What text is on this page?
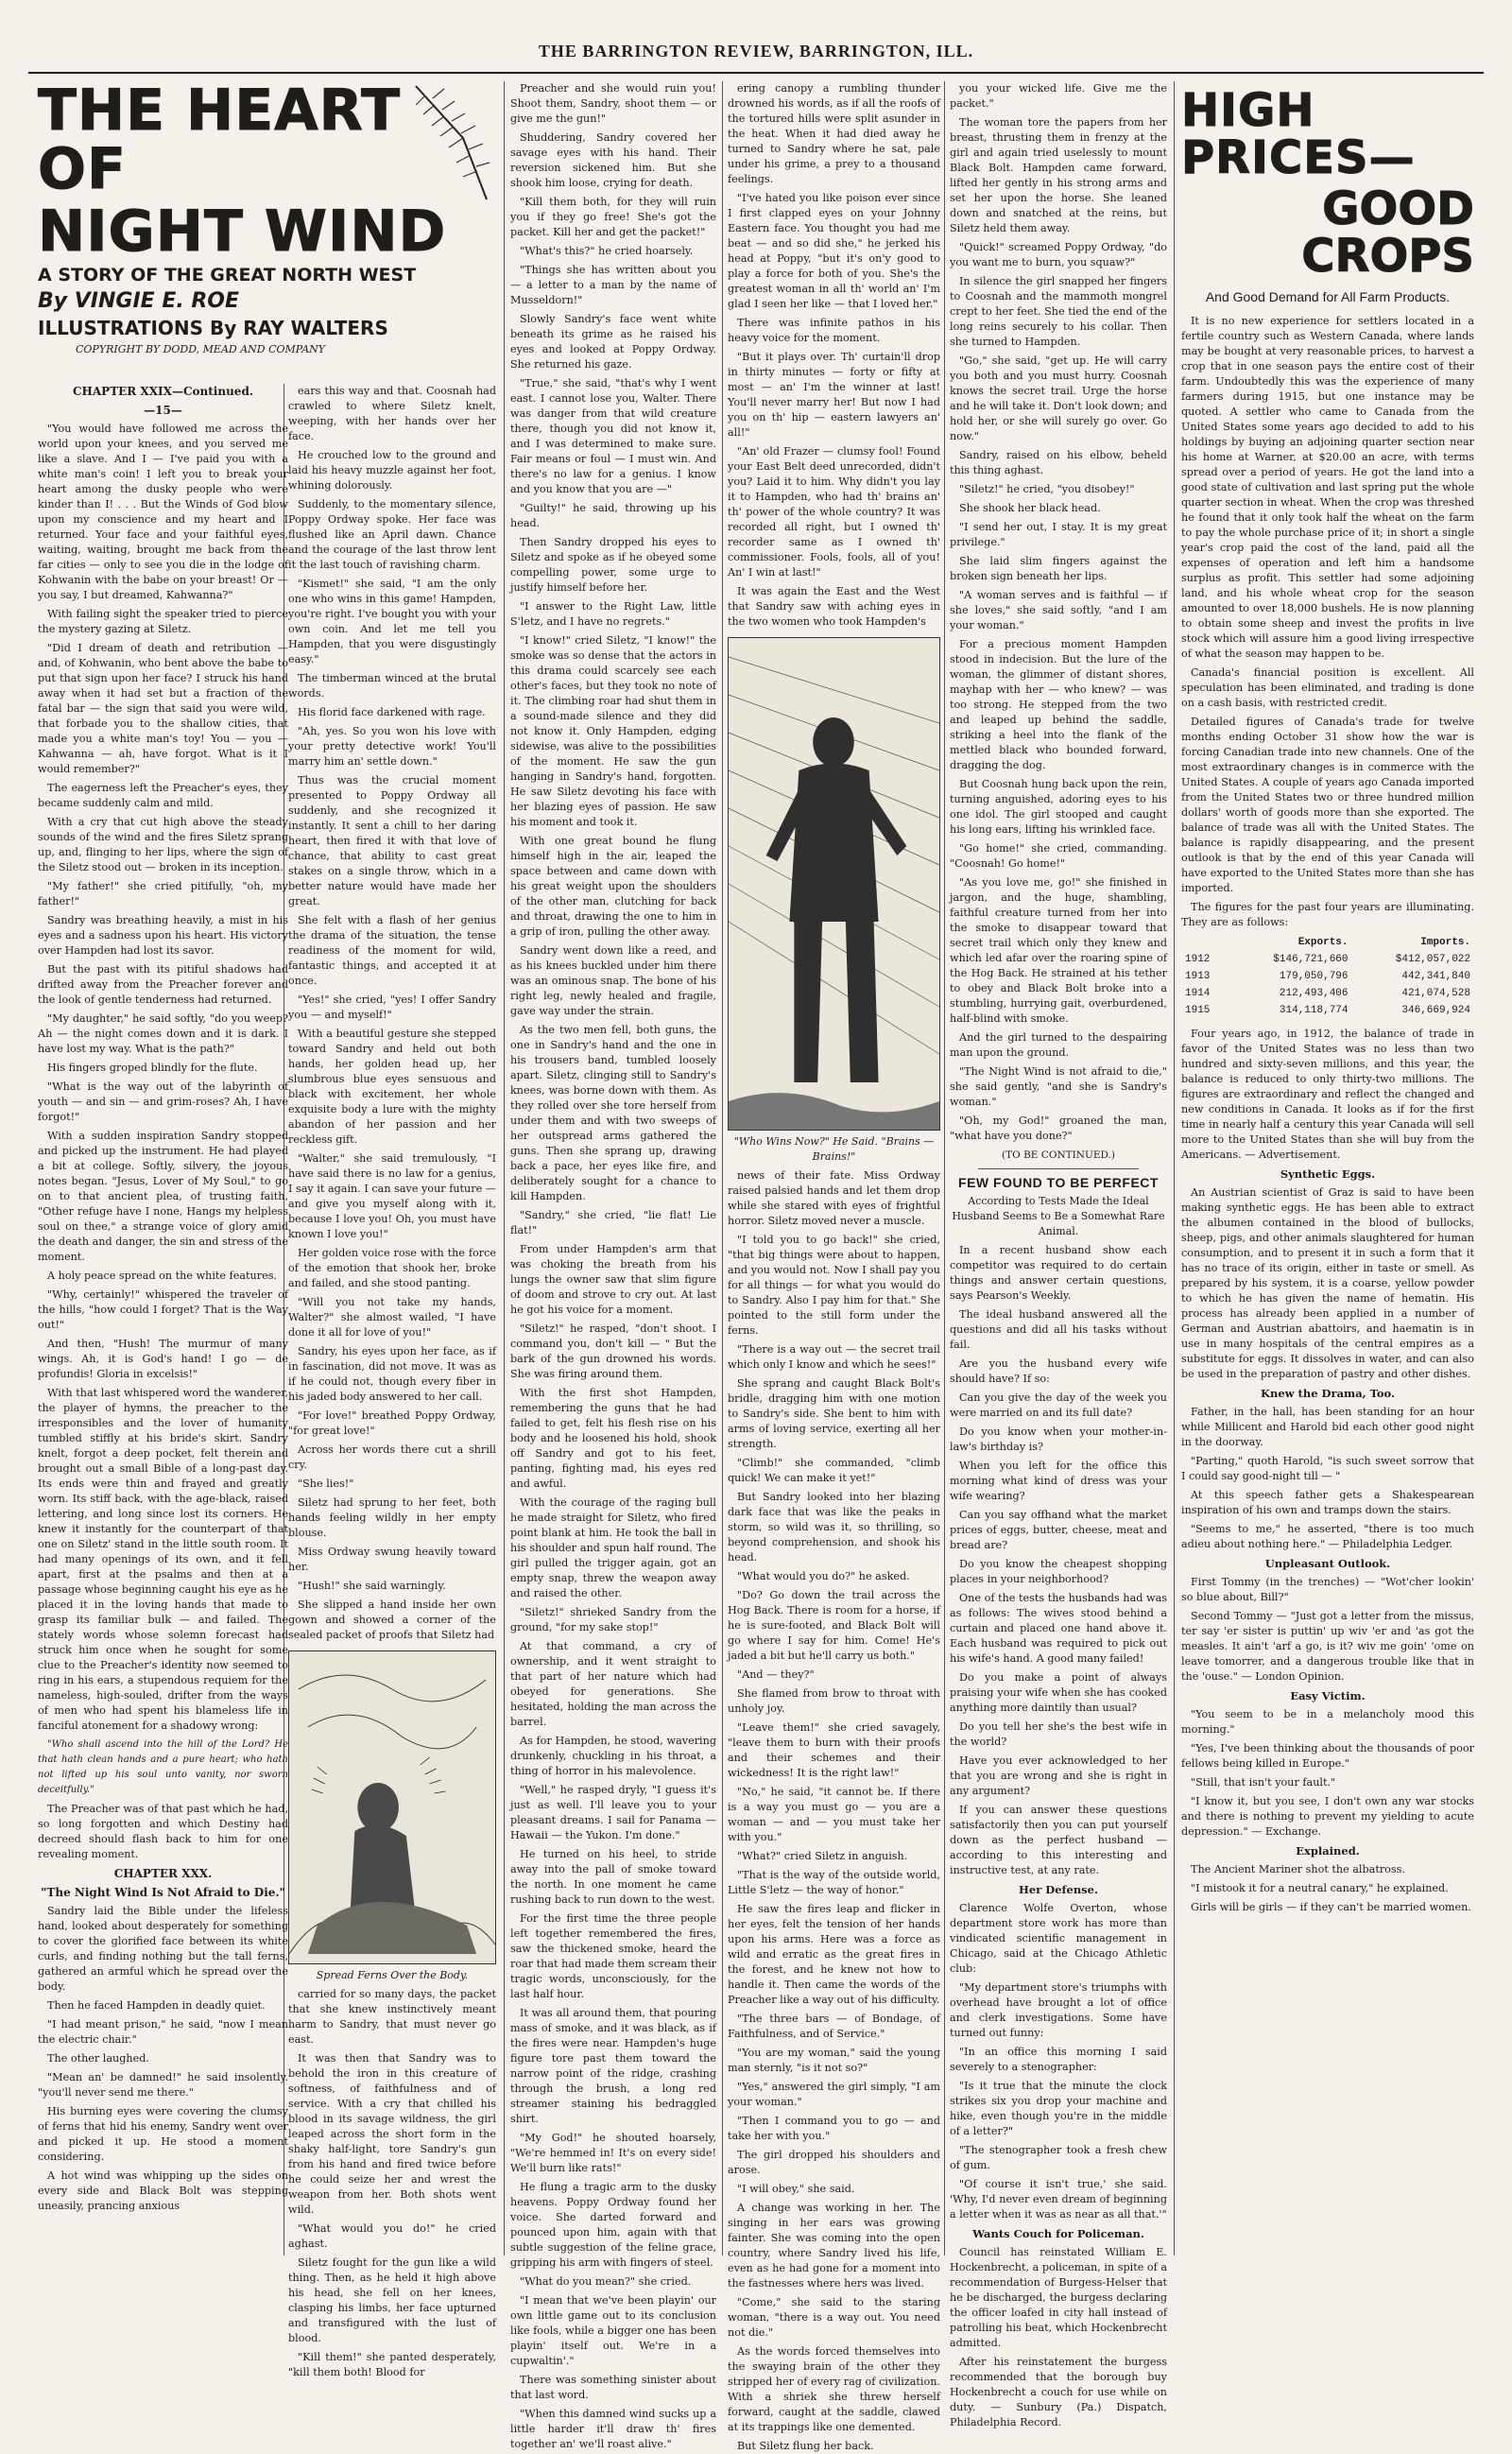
THE BARRINGTON REVIEW, BARRINGTON, ILL.
THE HEART OF
NIGHT WIND
A STORY OF THE GREAT NORTH WEST
By VINGIE E. ROE
ILLUSTRATIONS By RAY WALTERS
COPYRIGHT BY DODD, MEAD AND COMPANY

CHAPTER XXIX—Continued.

—15—

"You would have followed me across the world upon your knees, and you served me like a slave. And I — I've paid you with a white man's coin! I left you to break your heart among the dusky people who were kinder than I! . . . But the Winds of God blow upon my conscience and my heart and I returned. Your face and your faithful eyes, waiting, waiting, brought me back from the far cities — only to see you die in the lodge of Kohwanin with the babe on your breast! Or — you say, I but dreamed, Kahwanna?"

With failing sight the speaker tried to pierce the mystery gazing at Siletz.

"Did I dream of death and retribution — and, of Kohwanin, who bent above the babe to put that sign upon her face? I struck his hand away when it had set but a fraction of the fatal bar — the sign that said you were wild, that forbade you to the shallow cities, that made you a white man's toy! You — you — Kahwanna — ah, have forgot. What is it I would remember?"

The eagerness left the Preacher's eyes, they became suddenly calm and mild.

With a cry that cut high above the steady sounds of the wind and the fires Siletz sprang up, and, flinging to her lips, where the sign of the Siletz stood out — broken in its inception.

"My father!" she cried pitifully, "oh, my father!"

Sandry was breathing heavily, a mist in his eyes and a sadness upon his heart. His victory over Hampden had lost its savor.

But the past with its pitiful shadows had drifted away from the Preacher forever and the look of gentle tenderness had returned.

"My daughter," he said softly, "do you weep? Ah — the night comes down and it is dark. I have lost my way. What is the path?"

His fingers groped blindly for the flute.

"What is the way out of the labyrinth of youth — and sin — and grim-roses? Ah, I have forgot!"

With a sudden inspiration Sandry stopped and picked up the instrument. He had played a bit at college. Softly, silvery, the joyous notes began. "Jesus, Lover of My Soul," to go on to that ancient plea, of trusting faith, "Other refuge have I none, Hangs my helpless soul on thee," a strange voice of glory amid the death and danger, the sin and stress of the moment.

A holy peace spread on the white features.

"Why, certainly!" whispered the traveler of the hills, "how could I forget? That is the Way out!"

And then, "Hush! The murmur of many wings. Ah, it is God's hand! I go — de profundis! Gloria in excelsis!"

With that last whispered word the wanderer, the player of hymns, the preacher to the irresponsibles and the lover of humanity tumbled stiffly at his bride's skirt. Sandry knelt, forgot a deep pocket, felt therein and brought out a small Bible of a long-past day. Its ends were thin and frayed and greatly worn. Its stiff back, with the age-black, raised lettering, and long since lost its corners. He knew it instantly for the counterpart of that one on Siletz' stand in the little south room. It had many openings of its own, and it fell apart, first at the psalms and then at a passage whose beginning caught his eye as he placed it in the loving hands that made to grasp its familiar bulk — and failed. The stately words whose solemn forecast had struck him once when he sought for some clue to the Preacher's identity now seemed to ring in his ears, a stupendous requiem for the nameless, high-souled, drifter from the ways of men who had spent his blameless life in fanciful atonement for a shadowy wrong:

"Who shall ascend into the hill of the Lord? He that hath clean hands and a pure heart; who hath not lifted up his soul unto vanity, nor sworn deceitfully."

The Preacher was of that past which he had, so long forgotten and which Destiny had decreed should flash back to him for one revealing moment.

CHAPTER XXX.

"The Night Wind Is Not Afraid to Die."

Sandry laid the Bible under the lifeless hand, looked about desperately for something to cover the glorified face between its white curls, and finding nothing but the tall ferns, gathered an armful which he spread over the body.

Then he faced Hampden in deadly quiet.

"I had meant prison," he said, "now I mean the electric chair."

The other laughed.

"Mean an' be damned!" he said insolently. "you'll never send me there."

His burning eyes were covering the clumsy of ferns that hid his enemy, Sandry went over and picked it up. He stood a moment considering.

A hot wind was whipping up the sides on every side and Black Bolt was stepping uneasily, prancing anxious

ears this way and that. Coosnah had crawled to where Siletz knelt, weeping, with her hands over her face.

He crouched low to the ground and laid his heavy muzzle against her foot, whining dolorously.

Suddenly, to the momentary silence, Poppy Ordway spoke. Her face was flushed like an April dawn. Chance and the courage of the last throw lent it the last touch of ravishing charm.

"Kismet!" she said, "I am the only one who wins in this game! Hampden, you're right. I've bought you with your own coin. And let me tell you Hampden, that you were disgustingly easy."

The timberman winced at the brutal words.

His florid face darkened with rage.

"Ah, yes. So you won his love with your pretty detective work! You'll marry him an' settle down."

Thus was the crucial moment presented to Poppy Ordway all suddenly, and she recognized it instantly. It sent a chill to her daring heart, then fired it with that love of chance, that ability to cast great stakes on a single throw, which in a better nature would have made her great.

She felt with a flash of her genius the drama of the situation, the tense readiness of the moment for wild, fantastic things, and accepted it at once.

"Yes!" she cried, "yes! I offer Sandry you — and myself!"

With a beautiful gesture she stepped toward Sandry and held out both hands, her golden head up, her slumbrous blue eyes sensuous and black with excitement, her whole exquisite body a lure with the mighty abandon of her passion and her reckless gift.

"Walter," she said tremulously, "I have said there is no law for a genius, I say it again. I can save your future — and give you myself along with it, because I love you! Oh, you must have known I love you!"

Her golden voice rose with the force of the emotion that shook her, broke and failed, and she stood panting.

"Will you not take my hands, Walter?" she almost wailed, "I have done it all for love of you!"

Sandry, his eyes upon her face, as if in fascination, did not move. It was as if he could not, though every fiber in his jaded body answered to her call.

"For love!" breathed Poppy Ordway, "for great love!"

Across her words there cut a shrill cry.

"She lies!"

Siletz had sprung to her feet, both hands feeling wildly in her empty blouse.

Miss Ordway swung heavily toward her.

"Hush!" she said warningly.

She slipped a hand inside her own gown and showed a corner of the sealed packet of proofs that Siletz had

Spread Ferns Over the Body.

carried for so many days, the packet that she knew instinctively meant harm to Sandry, that must never go east.

It was then that Sandry was to behold the iron in this creature of softness, of faithfulness and of service. With a cry that chilled his blood in its savage wildness, the girl leaped across the short form in the shaky half-light, tore Sandry's gun from his hand and fired twice before he could seize her and wrest the weapon from her. Both shots went wild.

"What would you do!" he cried aghast.

Siletz fought for the gun like a wild thing. Then, as he held it high above his head, she fell on her knees, clasping his limbs, her face upturned and transfigured with the lust of blood.

"Kill them!" she panted desperately, "kill them both! Blood for

Preacher and she would ruin you! Shoot them, Sandry, shoot them — or give me the gun!"

Shuddering, Sandry covered her savage eyes with his hand. Their reversion sickened him. But she shook him loose, crying for death.

"Kill them both, for they will ruin you if they go free! She's got the packet. Kill her and get the packet!"

"What's this?" he cried hoarsely.

"Things she has written about you — a letter to a man by the name of Musseldorn!"

Slowly Sandry's face went white beneath its grime as he raised his eyes and looked at Poppy Ordway. She returned his gaze.

"True," she said, "that's why I went east. I cannot lose you, Walter. There was danger from that wild creature there, though you did not know it, and I was determined to make sure. Fair means or foul — I must win. And there's no law for a genius. I know and you know that you are —"

"Guilty!" he said, throwing up his head.

Then Sandry dropped his eyes to Siletz and spoke as if he obeyed some compelling power, some urge to justify himself before her.

"I answer to the Right Law, little S'letz, and I have no regrets."

"I know!" cried Siletz, "I know!" the smoke was so dense that the actors in this drama could scarcely see each other's faces, but they took no note of it. The climbing roar had shut them in a sound-made silence and they did not know it. Only Hampden, edging sidewise, was alive to the possibilities of the moment. He saw the gun hanging in Sandry's hand, forgotten. He saw Siletz devoting his face with her blazing eyes of passion. He saw his moment and took it.

With one great bound he flung himself high in the air, leaped the space between and came down with his great weight upon the shoulders of the other man, clutching for back and throat, drawing the one to him in a grip of iron, pulling the other away.

Sandry went down like a reed, and as his knees buckled under him there was an ominous snap. The bone of his right leg, newly healed and fragile, gave way under the strain.

As the two men fell, both guns, the one in Sandry's hand and the one in his trousers band, tumbled loosely apart. Siletz, clinging still to Sandry's knees, was borne down with them. As they rolled over she tore herself from under them and with two sweeps of her outspread arms gathered the guns. Then she sprang up, drawing back a pace, her eyes like fire, and deliberately sought for a chance to kill Hampden.

"Sandry," she cried, "lie flat! Lie flat!"

From under Hampden's arm that was choking the breath from his lungs the owner saw that slim figure of doom and strove to cry out. At last he got his voice for a moment.

"Siletz!" he rasped, "don't shoot. I command you, don't kill — " But the bark of the gun drowned his words. She was firing around them.

With the first shot Hampden, remembering the guns that he had failed to get, felt his flesh rise on his body and he loosened his hold, shook off Sandry and got to his feet, panting, fighting mad, his eyes red and awful.

With the courage of the raging bull he made straight for Siletz, who fired point blank at him. He took the ball in his shoulder and spun half round. The girl pulled the trigger again, got an empty snap, threw the weapon away and raised the other.

"Siletz!" shrieked Sandry from the ground, "for my sake stop!"

At that command, a cry of ownership, and it went straight to that part of her nature which had obeyed for generations. She hesitated, holding the man across the barrel.

As for Hampden, he stood, wavering drunkenly, chuckling in his throat, a thing of horror in his malevolence.

"Well," he rasped dryly, "I guess it's just as well. I'll leave you to your pleasant dreams. I sail for Panama — Hawaii — the Yukon. I'm done."

He turned on his heel, to stride away into the pall of smoke toward the north. In one moment he came rushing back to run down to the west.

For the first time the three people left together remembered the fires, saw the thickened smoke, heard the roar that had made them scream their tragic words, unconsciously, for the last half hour.

It was all around them, that pouring mass of smoke, and it was black, as if the fires were near. Hampden's huge figure tore past them toward the narrow point of the ridge, crashing through the brush, a long red streamer staining his bedraggled shirt.

"My God!" he shouted hoarsely, "We're hemmed in! It's on every side! We'll burn like rats!"

He flung a tragic arm to the dusky heavens. Poppy Ordway found her voice. She darted forward and pounced upon him, again with that subtle suggestion of the feline grace, gripping his arm with fingers of steel.

"What do you mean?" she cried.

"I mean that we've been playin' our own little game out to its conclusion like fools, while a bigger one has been playin' itself out. We're in a cupwaltin'."

There was something sinister about that last word.

"When this damned wind sucks up a little harder it'll draw th' fires together an' we'll roast alive."

ering canopy a rumbling thunder drowned his words, as if all the roofs of the tortured hills were split asunder in the heat. When it had died away he turned to Sandry where he sat, pale under his grime, a prey to a thousand feelings.

"I've hated you like poison ever since I first clapped eyes on your Johnny Eastern face. You thought you had me beat — and so did she," he jerked his head at Poppy, "but it's on'y good to play a force for both of you. She's the greatest woman in all th' world an' I'm glad I seen her like — that I loved her."

There was infinite pathos in his heavy voice for the moment.

"But it plays over. Th' curtain'll drop in thirty minutes — forty or fifty at most — an' I'm the winner at last! You'll never marry her! But now I had you on th' hip — eastern lawyers an' all!"

"An' old Frazer — clumsy fool! Found your East Belt deed unrecorded, didn't you? Laid it to him. Why didn't you lay it to Hampden, who had th' brains an' th' power of the whole country? It was recorded all right, but I owned th' recorder same as I owned th' commissioner. Fools, fools, all of you! An' I win at last!"

It was again the East and the West that Sandry saw with aching eyes in the two women who took Hampden's

"Who Wins Now?" He Said. "Brains — Brains!"

news of their fate. Miss Ordway raised palsied hands and let them drop while she stared with eyes of frightful horror. Siletz moved never a muscle.

"I told you to go back!" she cried, "that big things were about to happen, and you would not. Now I shall pay you for all things — for what you would do to Sandry. Also I pay him for that." She pointed to the still form under the ferns.

"There is a way out — the secret trail which only I know and which he sees!"

She sprang and caught Black Bolt's bridle, dragging him with one motion to Sandry's side. She bent to him with arms of loving service, exerting all her strength.

"Climb!" she commanded, "climb quick! We can make it yet!"

But Sandry looked into her blazing dark face that was like the peaks in storm, so wild was it, so thrilling, so beyond comprehension, and shook his head.

"What would you do?" he asked.

"Do? Go down the trail across the Hog Back. There is room for a horse, if he is sure-footed, and Black Bolt will go where I say for him. Come! He's jaded a bit but he'll carry us both."

"And — they?"

She flamed from brow to throat with unholy joy.

"Leave them!" she cried savagely, "leave them to burn with their proofs and their schemes and their wickedness! It is the right law!"

"No," he said, "it cannot be. If there is a way you must go — you are a woman — and — you must take her with you."

"What?" cried Siletz in anguish.

"That is the way of the outside world, Little S'letz — the way of honor."

He saw the fires leap and flicker in her eyes, felt the tension of her hands upon his arms. Here was a force as wild and erratic as the great fires in the forest, and he knew not how to handle it. Then came the words of the Preacher like a way out of his difficulty.

"The three bars — of Bondage, of Faithfulness, and of Service."

"You are my woman," said the young man sternly, "is it not so?"

"Yes," answered the girl simply, "I am your woman."

"Then I command you to go — and take her with you."

The girl dropped his shoulders and arose.

"I will obey," she said.

A change was working in her. The singing in her ears was growing fainter. She was coming into the open country, where Sandry lived his life, even as he had gone for a moment into the fastnesses where hers was lived.

"Come," she said to the staring woman, "there is a way out. You need not die."

As the words forced themselves into the swaying brain of the other they stripped her of every rag of civilization. With a shriek she threw herself forward, caught at the saddle, clawed at its trappings like one demented.

But Siletz flung her back.

you your wicked life. Give me the packet."

The woman tore the papers from her breast, thrusting them in frenzy at the girl and again tried uselessly to mount Black Bolt. Hampden came forward, lifted her gently in his strong arms and set her upon the horse. She leaned down and snatched at the reins, but Siletz held them away.

"Quick!" screamed Poppy Ordway, "do you want me to burn, you squaw?"

In silence the girl snapped her fingers to Coosnah and the mammoth mongrel crept to her feet. She tied the end of the long reins securely to his collar. Then she turned to Hampden.

"Go," she said, "get up. He will carry you both and you must hurry. Coosnah knows the secret trail. Urge the horse and he will take it. Don't look down; and hold her, or she will surely go over. Go now."

Sandry, raised on his elbow, beheld this thing aghast.

"Siletz!" he cried, "you disobey!"

She shook her black head.

"I send her out, I stay. It is my great privilege."

She laid slim fingers against the broken sign beneath her lips.

"A woman serves and is faithful — if she loves," she said softly, "and I am your woman."

For a precious moment Hampden stood in indecision. But the lure of the woman, the glimmer of distant shores, mayhap with her — who knew? — was too strong. He stepped from the two and leaped up behind the saddle, striking a heel into the flank of the mettled black who bounded forward, dragging the dog.

But Coosnah hung back upon the rein, turning anguished, adoring eyes to his one idol. The girl stooped and caught his long ears, lifting his wrinkled face.

"Go home!" she cried, commanding. "Coosnah! Go home!"

"As you love me, go!" she finished in jargon, and the huge, shambling, faithful creature turned from her into the smoke to disappear toward that secret trail which only they knew and which led afar over the roaring spine of the Hog Back. He strained at his tether to obey and Black Bolt broke into a stumbling, hurrying gait, overburdened, half-blind with smoke.

And the girl turned to the despairing man upon the ground.

"The Night Wind is not afraid to die," she said gently, "and she is Sandry's woman."

"Oh, my God!" groaned the man, "what have you done?"

(TO BE CONTINUED.)

FEW FOUND TO BE PERFECT

According to Tests Made the Ideal Husband Seems to Be a Somewhat Rare Animal.

In a recent husband show each competitor was required to do certain things and answer certain questions, says Pearson's Weekly.

The ideal husband answered all the questions and did all his tasks without fail.

Are you the husband every wife should have? If so:

Can you give the day of the week you were married on and its full date?

Do you know when your mother-in-law's birthday is?

When you left for the office this morning what kind of dress was your wife wearing?

Can you say offhand what the market prices of eggs, butter, cheese, meat and bread are?

Do you know the cheapest shopping places in your neighborhood?

One of the tests the husbands had was as follows: The wives stood behind a curtain and placed one hand above it. Each husband was required to pick out his wife's hand. A good many failed!

Do you make a point of always praising your wife when she has cooked anything more daintily than usual?

Do you tell her she's the best wife in the world?

Have you ever acknowledged to her that you are wrong and she is right in any argument?

If you can answer these questions satisfactorily then you can put yourself down as the perfect husband — according to this interesting and instructive test, at any rate.

Her Defense.

Clarence Wolfe Overton, whose department store work has more than vindicated scientific management in Chicago, said at the Chicago Athletic club:

"My department store's triumphs with overhead have brought a lot of office and clerk investigations. Some have turned out funny:

"In an office this morning I said severely to a stenographer:

"Is it true that the minute the clock strikes six you drop your machine and hike, even though you're in the middle of a letter?"

"The stenographer took a fresh chew of gum.

"Of course it isn't true,' she said. 'Why, I'd never even dream of beginning a letter when it was as near as all that.'"

Wants Couch for Policeman.

Council has reinstated William E. Hockenbrecht, a policeman, in spite of a recommendation of Burgess-Helser that he be discharged, the burgess declaring the officer loafed in city hall instead of patrolling his beat, which Hockenbrecht admitted.

After his reinstatement the burgess recommended that the borough buy Hockenbrecht a couch for use while on duty. — Sunbury (Pa.) Dispatch, Philadelphia Record.

HIGH PRICES—
GOOD CROPS
And Good Demand for All Farm Products.

It is no new experience for settlers located in a fertile country such as Western Canada, where lands may be bought at very reasonable prices, to harvest a crop that in one season pays the entire cost of their farm. Undoubtedly this was the experience of many farmers during 1915, but one instance may be quoted. A settler who came to Canada from the United States some years ago decided to add to his holdings by buying an adjoining quarter section near his home at Warner, at $20.00 an acre, with terms spread over a period of years. He got the land into a good state of cultivation and last spring put the whole quarter section in wheat. When the crop was threshed he found that it only took half the wheat on the farm to pay the whole purchase price of it; in short a single year's crop paid the cost of the land, paid all the expenses of operation and left him a handsome surplus as profit. This settler had some adjoining land, and his whole wheat crop for the season amounted to over 18,000 bushels. He is now planning to obtain some sheep and invest the profits in live stock which will assure him a good living irrespective of what the season may happen to be.

Canada's financial position is excellent. All speculation has been eliminated, and trading is done on a cash basis, with restricted credit.

Detailed figures of Canada's trade for twelve months ending October 31 show how the war is forcing Canadian trade into new channels. One of the most extraordinary changes is in commerce with the United States. A couple of years ago Canada imported from the United States two or three hundred million dollars' worth of goods more than she exported. The balance of trade was all with the United States. The balance is rapidly disappearing, and the present outlook is that by the end of this year Canada will have exported to the United States more than she has imported.

The figures for the past four years are illuminating. They are as follows:

	Exports.	Imports.
1912	$146,721,660	$412,057,022
1913	179,050,796	442,341,840
1914	212,493,406	421,074,528
1915	314,118,774	346,669,924

Four years ago, in 1912, the balance of trade in favor of the United States was no less than two hundred and sixty-seven millions, and this year, the balance is reduced to only thirty-two millions. The figures are extraordinary and reflect the changed and new conditions in Canada. It looks as if for the first time in nearly half a century this year Canada will sell more to the United States than she will buy from the Americans. — Advertisement.

Synthetic Eggs.

An Austrian scientist of Graz is said to have been making synthetic eggs. He has been able to extract the albumen contained in the blood of bullocks, sheep, pigs, and other animals slaughtered for human consumption, and to present it in such a form that it has no trace of its origin, either in taste or smell. As prepared by his system, it is a coarse, yellow powder to which he has given the name of hematin. His process has already been applied in a number of German and Austrian abattoirs, and haematin is in use in many hospitals of the central empires as a substitute for eggs. It dissolves in water, and can also be used in the preparation of pastry and other dishes.

Knew the Drama, Too.

Father, in the hall, has been standing for an hour while Millicent and Harold bid each other good night in the doorway.

"Parting," quoth Harold, "is such sweet sorrow that I could say good-night till — "

At this speech father gets a Shakespearean inspiration of his own and tramps down the stairs.

"Seems to me," he asserted, "there is too much adieu about nothing here." — Philadelphia Ledger.

Unpleasant Outlook.

First Tommy (in the trenches) — "Wot'cher lookin' so blue about, Bill?"

Second Tommy — "Just got a letter from the missus, ter say 'er sister is puttin' up wiv 'er and 'as got the measles. It ain't 'arf a go, is it? wiv me goin' 'ome on leave tomorrer, and a dangerous trouble like that in the 'ouse." — London Opinion.

Easy Victim.

"You seem to be in a melancholy mood this morning."

"Yes, I've been thinking about the thousands of poor fellows being killed in Europe."

"Still, that isn't your fault."

"I know it, but you see, I don't own any war stocks and there is nothing to prevent my yielding to acute depression." — Exchange.

Explained.

The Ancient Mariner shot the albatross.

"I mistook it for a neutral canary," he explained.

Girls will be girls — if they can't be married women.
